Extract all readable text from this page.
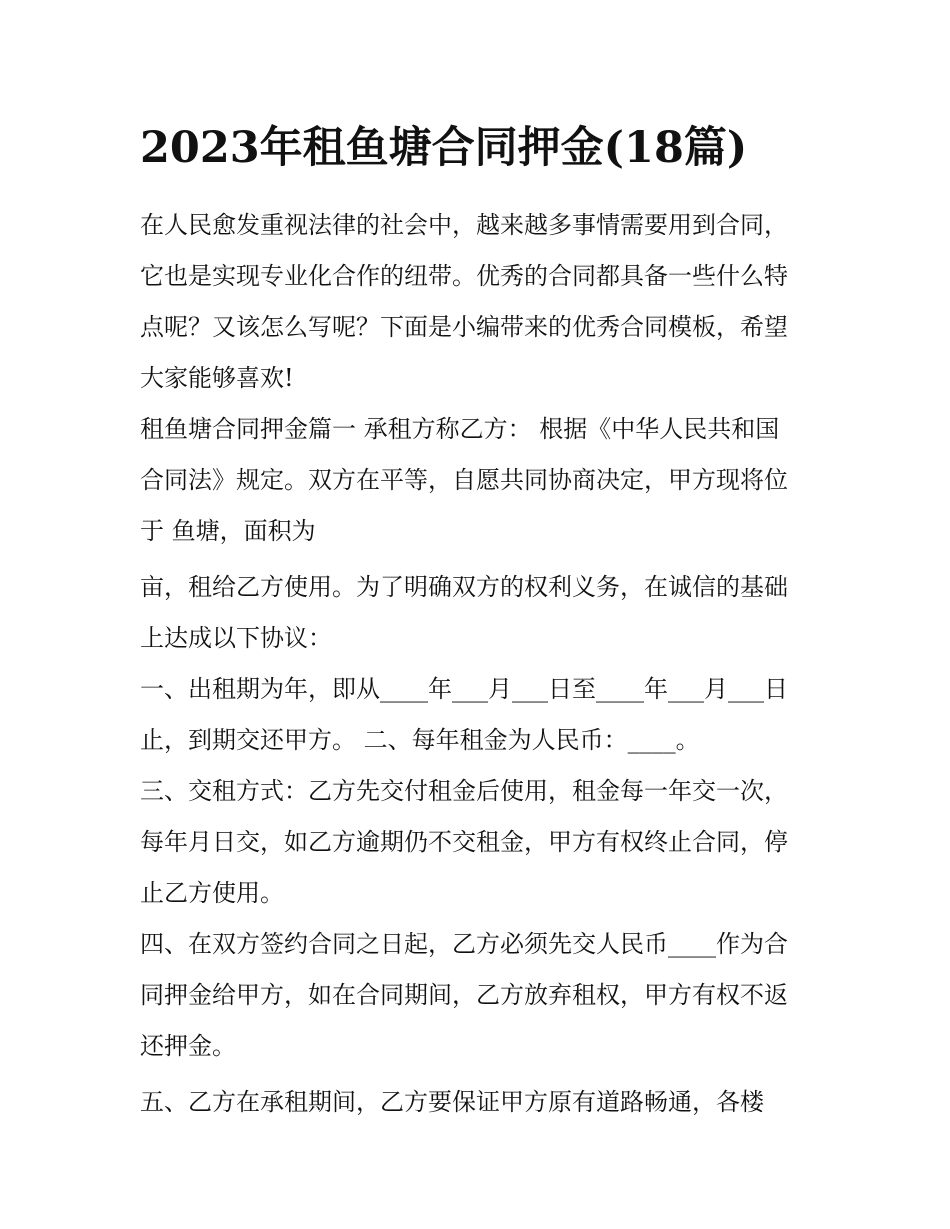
2023年租鱼塘合同押金(18篇)
在人民愈发重视法律的社会中，越来越多事情需要用到合同，
它也是实现专业化合作的纽带。优秀的合同都具备一些什么特
点呢？又该怎么写呢？下面是小编带来的优秀合同模板，希望
大家能够喜欢!
租鱼塘合同押金篇一 承租方称乙方： 根据《中华人民共和国
合同法》规定。双方在平等，自愿共同协商决定，甲方现将位
于 鱼塘，面积为
亩，租给乙方使用。为了明确双方的权利义务，在诚信的基础
上达成以下协议：
一、出租期为年，即从____年___月___日至____年___月___日
止，到期交还甲方。 二、每年租金为人民币：____。
三、交租方式：乙方先交付租金后使用，租金每一年交一次，
每年月日交，如乙方逾期仍不交租金，甲方有权终止合同，停
止乙方使用。
四、在双方签约合同之日起，乙方必须先交人民币____作为合
同押金给甲方，如在合同期间，乙方放弃租权，甲方有权不返
还押金。
五、乙方在承租期间，乙方要保证甲方原有道路畅通，各楼
